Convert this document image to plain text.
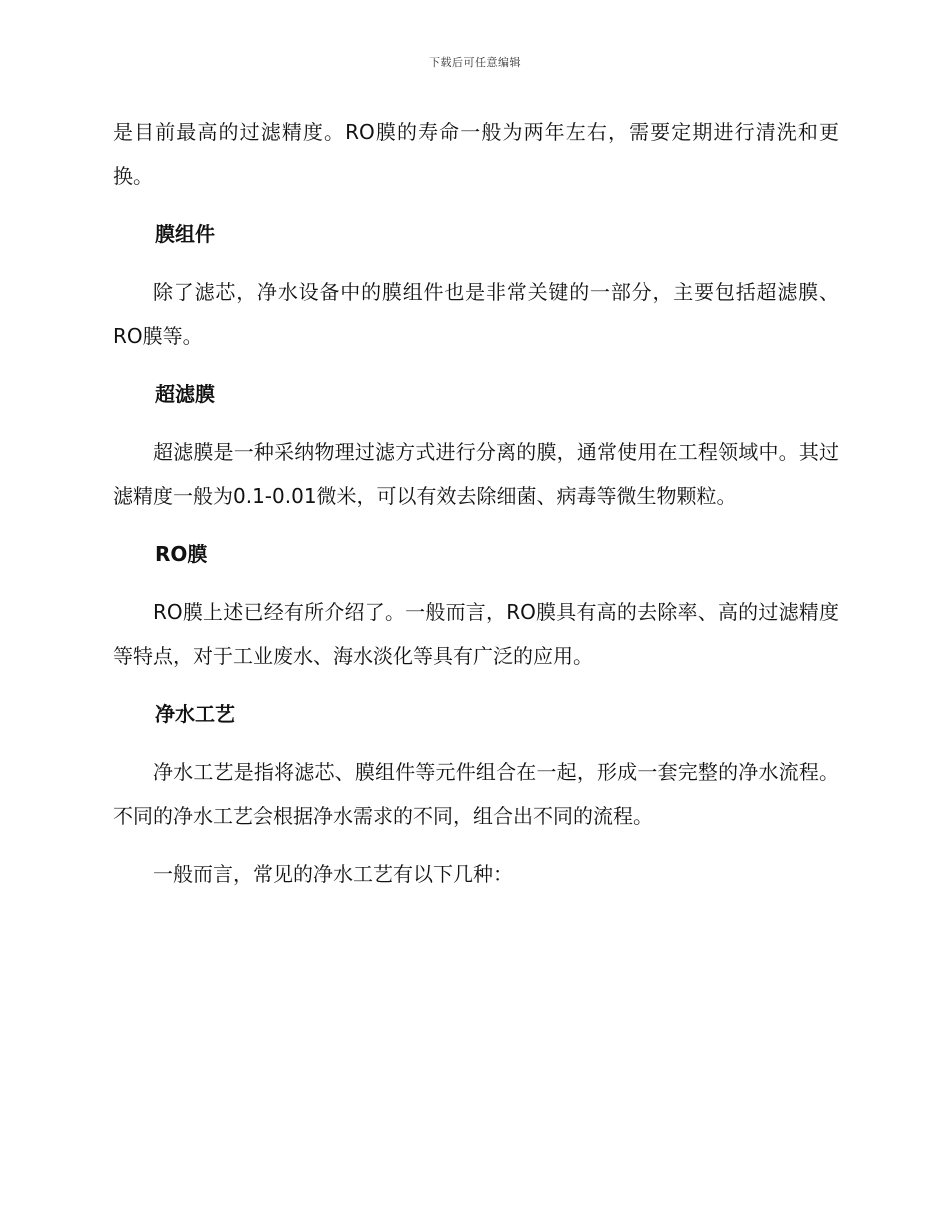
下载后可任意编辑

是目前最高的过滤精度。RO膜的寿命一般为两年左右，需要定期进行清洗和更换。

膜组件

除了滤芯，净水设备中的膜组件也是非常关键的一部分，主要包括超滤膜、RO膜等。

超滤膜

超滤膜是一种采纳物理过滤方式进行分离的膜，通常使用在工程领域中。其过滤精度一般为0.1-0.01微米，可以有效去除细菌、病毒等微生物颗粒。

RO膜

RO膜上述已经有所介绍了。一般而言，RO膜具有高的去除率、高的过滤精度等特点，对于工业废水、海水淡化等具有广泛的应用。

净水工艺

净水工艺是指将滤芯、膜组件等元件组合在一起，形成一套完整的净水流程。不同的净水工艺会根据净水需求的不同，组合出不同的流程。

一般而言，常见的净水工艺有以下几种：
